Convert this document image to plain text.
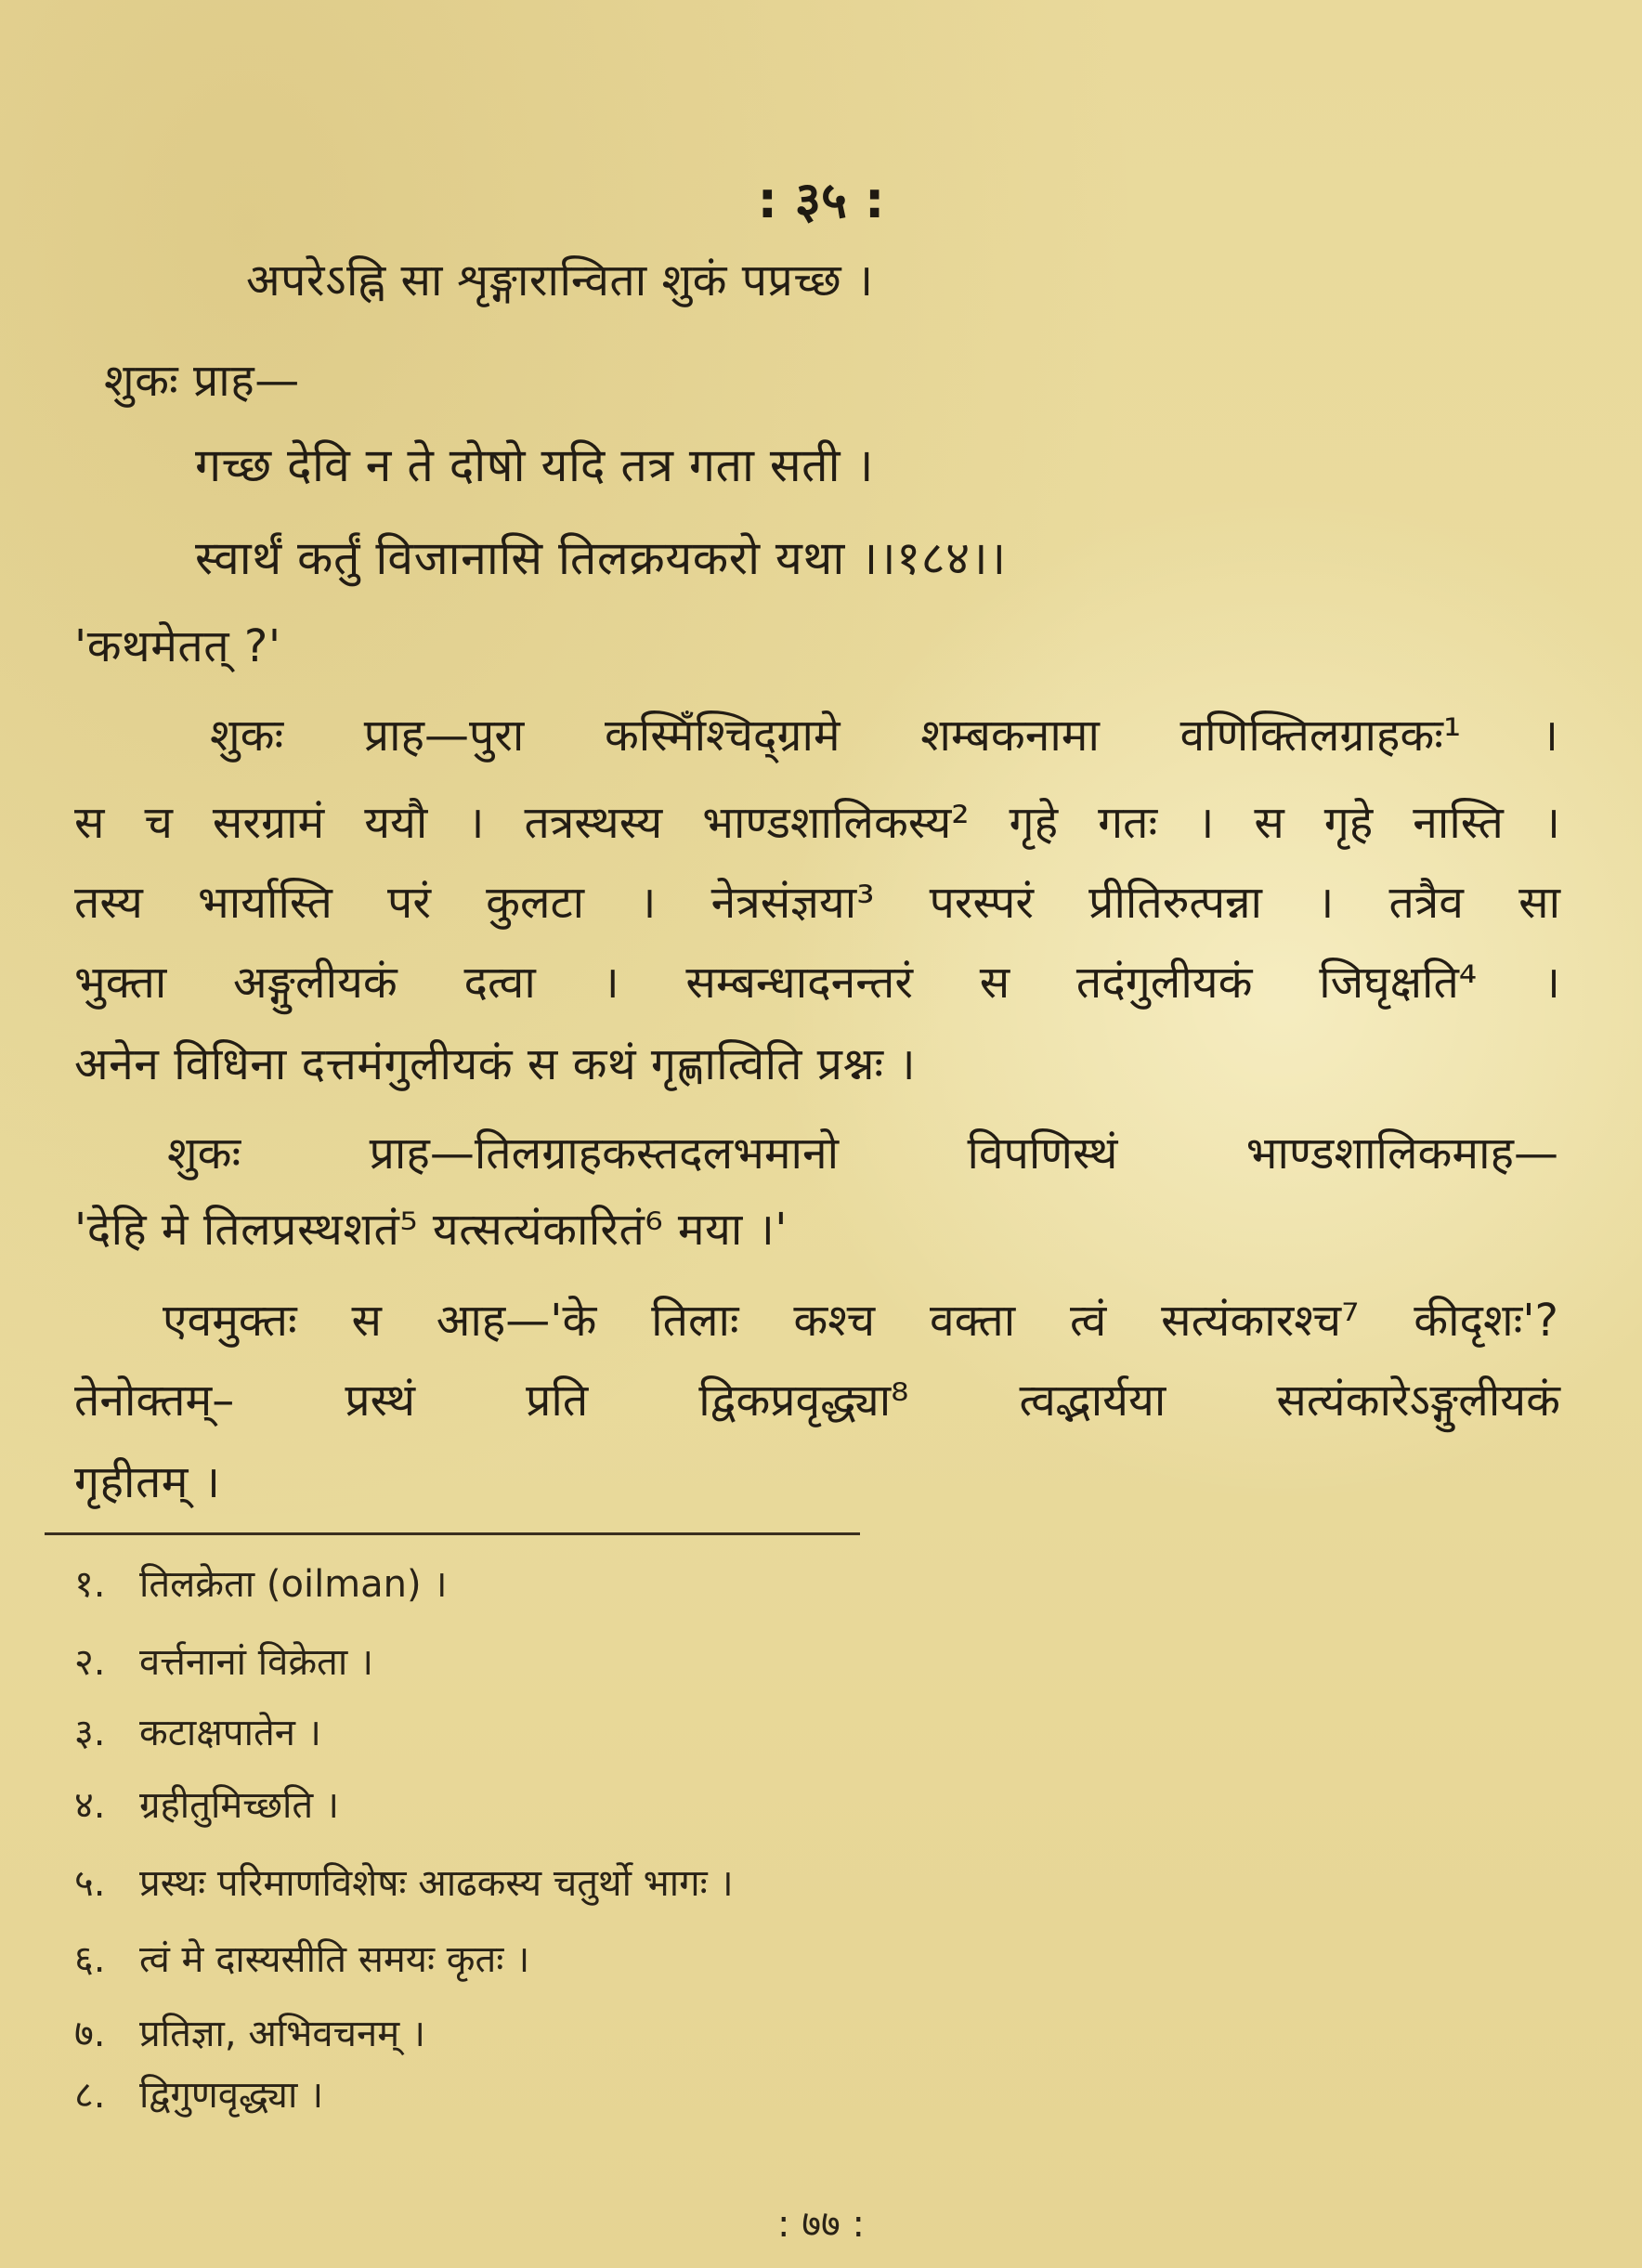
: ३५ :
अपरेऽह्नि सा शृङ्गारान्विता शुकं पप्रच्छ ।
शुकः प्राह—
गच्छ देवि न ते दोषो यदि तत्र गता सती ।
स्वार्थं कर्तुं विजानासि तिलक्रयकरो यथा ।।१८४।।
'कथमेतत् ?'
शुकः प्राह—पुरा कस्मिँश्चिद्ग्रामे शम्बकनामा वणिक्तिलग्राहकः¹ ।
स च सरग्रामं ययौ । तत्रस्थस्य भाण्डशालिकस्य² गृहे गतः । स गृहे नास्ति ।
तस्य भार्यास्ति परं कुलटा । नेत्रसंज्ञया³ परस्परं प्रीतिरुत्पन्ना । तत्रैव सा
भुक्ता अङ्गुलीयकं दत्वा । सम्बन्धादनन्तरं स तदंगुलीयकं जिघृक्षति⁴ ।
अनेन विधिना दत्तमंगुलीयकं स कथं गृह्णात्विति प्रश्नः ।
शुकः प्राह—तिलग्राहकस्तदलभमानो विपणिस्थं भाण्डशालिकमाह—
'देहि मे तिलप्रस्थशतं⁵ यत्सत्यंकारितं⁶ मया ।'
एवमुक्तः स आह—'के तिलाः कश्च वक्ता त्वं सत्यंकारश्च⁷ कीदृशः'?
तेनोक्तम्– प्रस्थं प्रति द्विकप्रवृद्ध्या⁸ त्वद्भार्यया सत्यंकारेऽङ्गुलीयकं
गृहीतम् ।
१. तिलक्रेता (oilman) ।
२. वर्त्तनानां विक्रेता ।
३. कटाक्षपातेन ।
४. ग्रहीतुमिच्छति ।
५. प्रस्थः परिमाणविशेषः आढकस्य चतुर्थो भागः ।
६. त्वं मे दास्यसीति समयः कृतः ।
७. प्रतिज्ञा, अभिवचनम् ।
८. द्विगुणवृद्ध्या ।
: ७७ :
